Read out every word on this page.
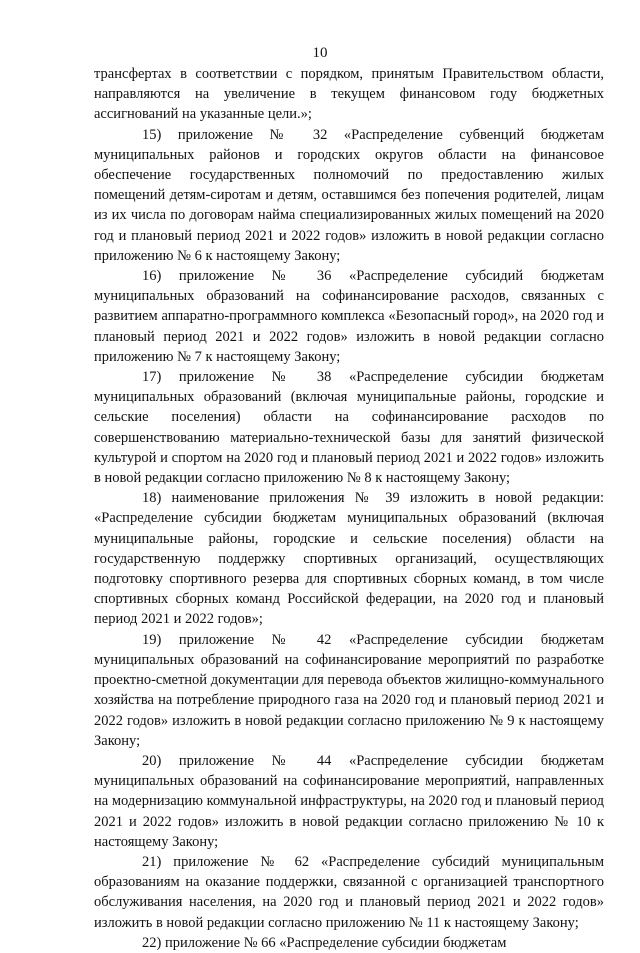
10

трансфертах в соответствии с порядком, принятым Правительством области, направляются на увеличение в текущем финансовом году бюджетных ассигнований на указанные цели.»;

15) приложение № 32 «Распределение субвенций бюджетам муниципальных районов и городских округов области на финансовое обеспечение государственных полномочий по предоставлению жилых помещений детям-сиротам и детям, оставшимся без попечения родителей, лицам из их числа по договорам найма специализированных жилых помещений на 2020 год и плановый период 2021 и 2022 годов» изложить в новой редакции согласно приложению № 6 к настоящему Закону;

16) приложение № 36 «Распределение субсидий бюджетам муниципальных образований на софинансирование расходов, связанных с развитием аппаратно-программного комплекса «Безопасный город», на 2020 год и плановый период 2021 и 2022 годов» изложить в новой редакции согласно приложению № 7 к настоящему Закону;

17) приложение № 38 «Распределение субсидии бюджетам муниципальных образований (включая муниципальные районы, городские и сельские поселения) области на софинансирование расходов по совершенствованию материально-технической базы для занятий физической культурой и спортом на 2020 год и плановый период 2021 и 2022 годов» изложить в новой редакции согласно приложению № 8 к настоящему Закону;

18) наименование приложения № 39 изложить в новой редакции: «Распределение субсидии бюджетам муниципальных образований (включая муниципальные районы, городские и сельские поселения) области на государственную поддержку спортивных организаций, осуществляющих подготовку спортивного резерва для спортивных сборных команд, в том числе спортивных сборных команд Российской федерации, на 2020 год и плановый период 2021 и 2022 годов»;

19) приложение № 42 «Распределение субсидии бюджетам муниципальных образований на софинансирование мероприятий по разработке проектно-сметной документации для перевода объектов жилищно-коммунального хозяйства на потребление природного газа на 2020 год и плановый период 2021 и 2022 годов» изложить в новой редакции согласно приложению № 9 к настоящему Закону;

20) приложение № 44 «Распределение субсидии бюджетам муниципальных образований на софинансирование мероприятий, направленных на модернизацию коммунальной инфраструктуры, на 2020 год и плановый период 2021 и 2022 годов» изложить в новой редакции согласно приложению № 10 к настоящему Закону;

21) приложение № 62 «Распределение субсидий муниципальным образованиям на оказание поддержки, связанной с организацией транспортного обслуживания населения, на 2020 год и плановый период 2021 и 2022 годов» изложить в новой редакции согласно приложению № 11 к настоящему Закону;

22) приложение № 66 «Распределение субсидии бюджетам
